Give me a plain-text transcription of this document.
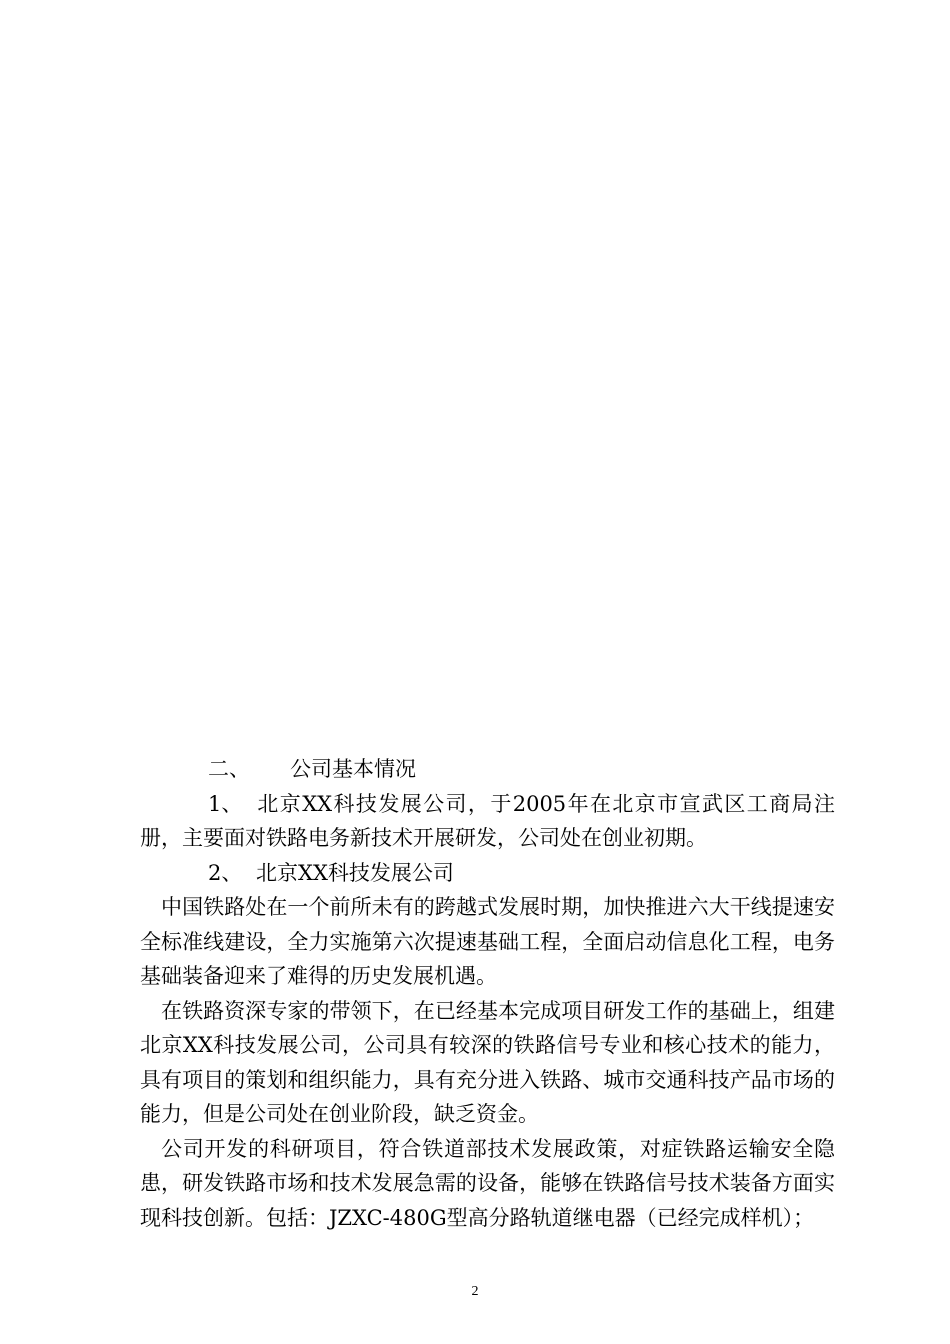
二、 公司基本情况

1、 北京XX科技发展公司，于2005年在北京市宣武区工商局注册，主要面对铁路电务新技术开展研发，公司处在创业初期。

2、 北京XX科技发展公司

中国铁路处在一个前所未有的跨越式发展时期，加快推进六大干线提速安全标准线建设，全力实施第六次提速基础工程，全面启动信息化工程，电务基础装备迎来了难得的历史发展机遇。

在铁路资深专家的带领下，在已经基本完成项目研发工作的基础上，组建北京XX科技发展公司，公司具有较深的铁路信号专业和核心技术的能力，具有项目的策划和组织能力，具有充分进入铁路、城市交通科技产品市场的能力，但是公司处在创业阶段，缺乏资金。

公司开发的科研项目，符合铁道部技术发展政策，对症铁路运输安全隐患，研发铁路市场和技术发展急需的设备，能够在铁路信号技术装备方面实现科技创新。包括：JZXC-480G型高分路轨道继电器（已经完成样机）；

2
